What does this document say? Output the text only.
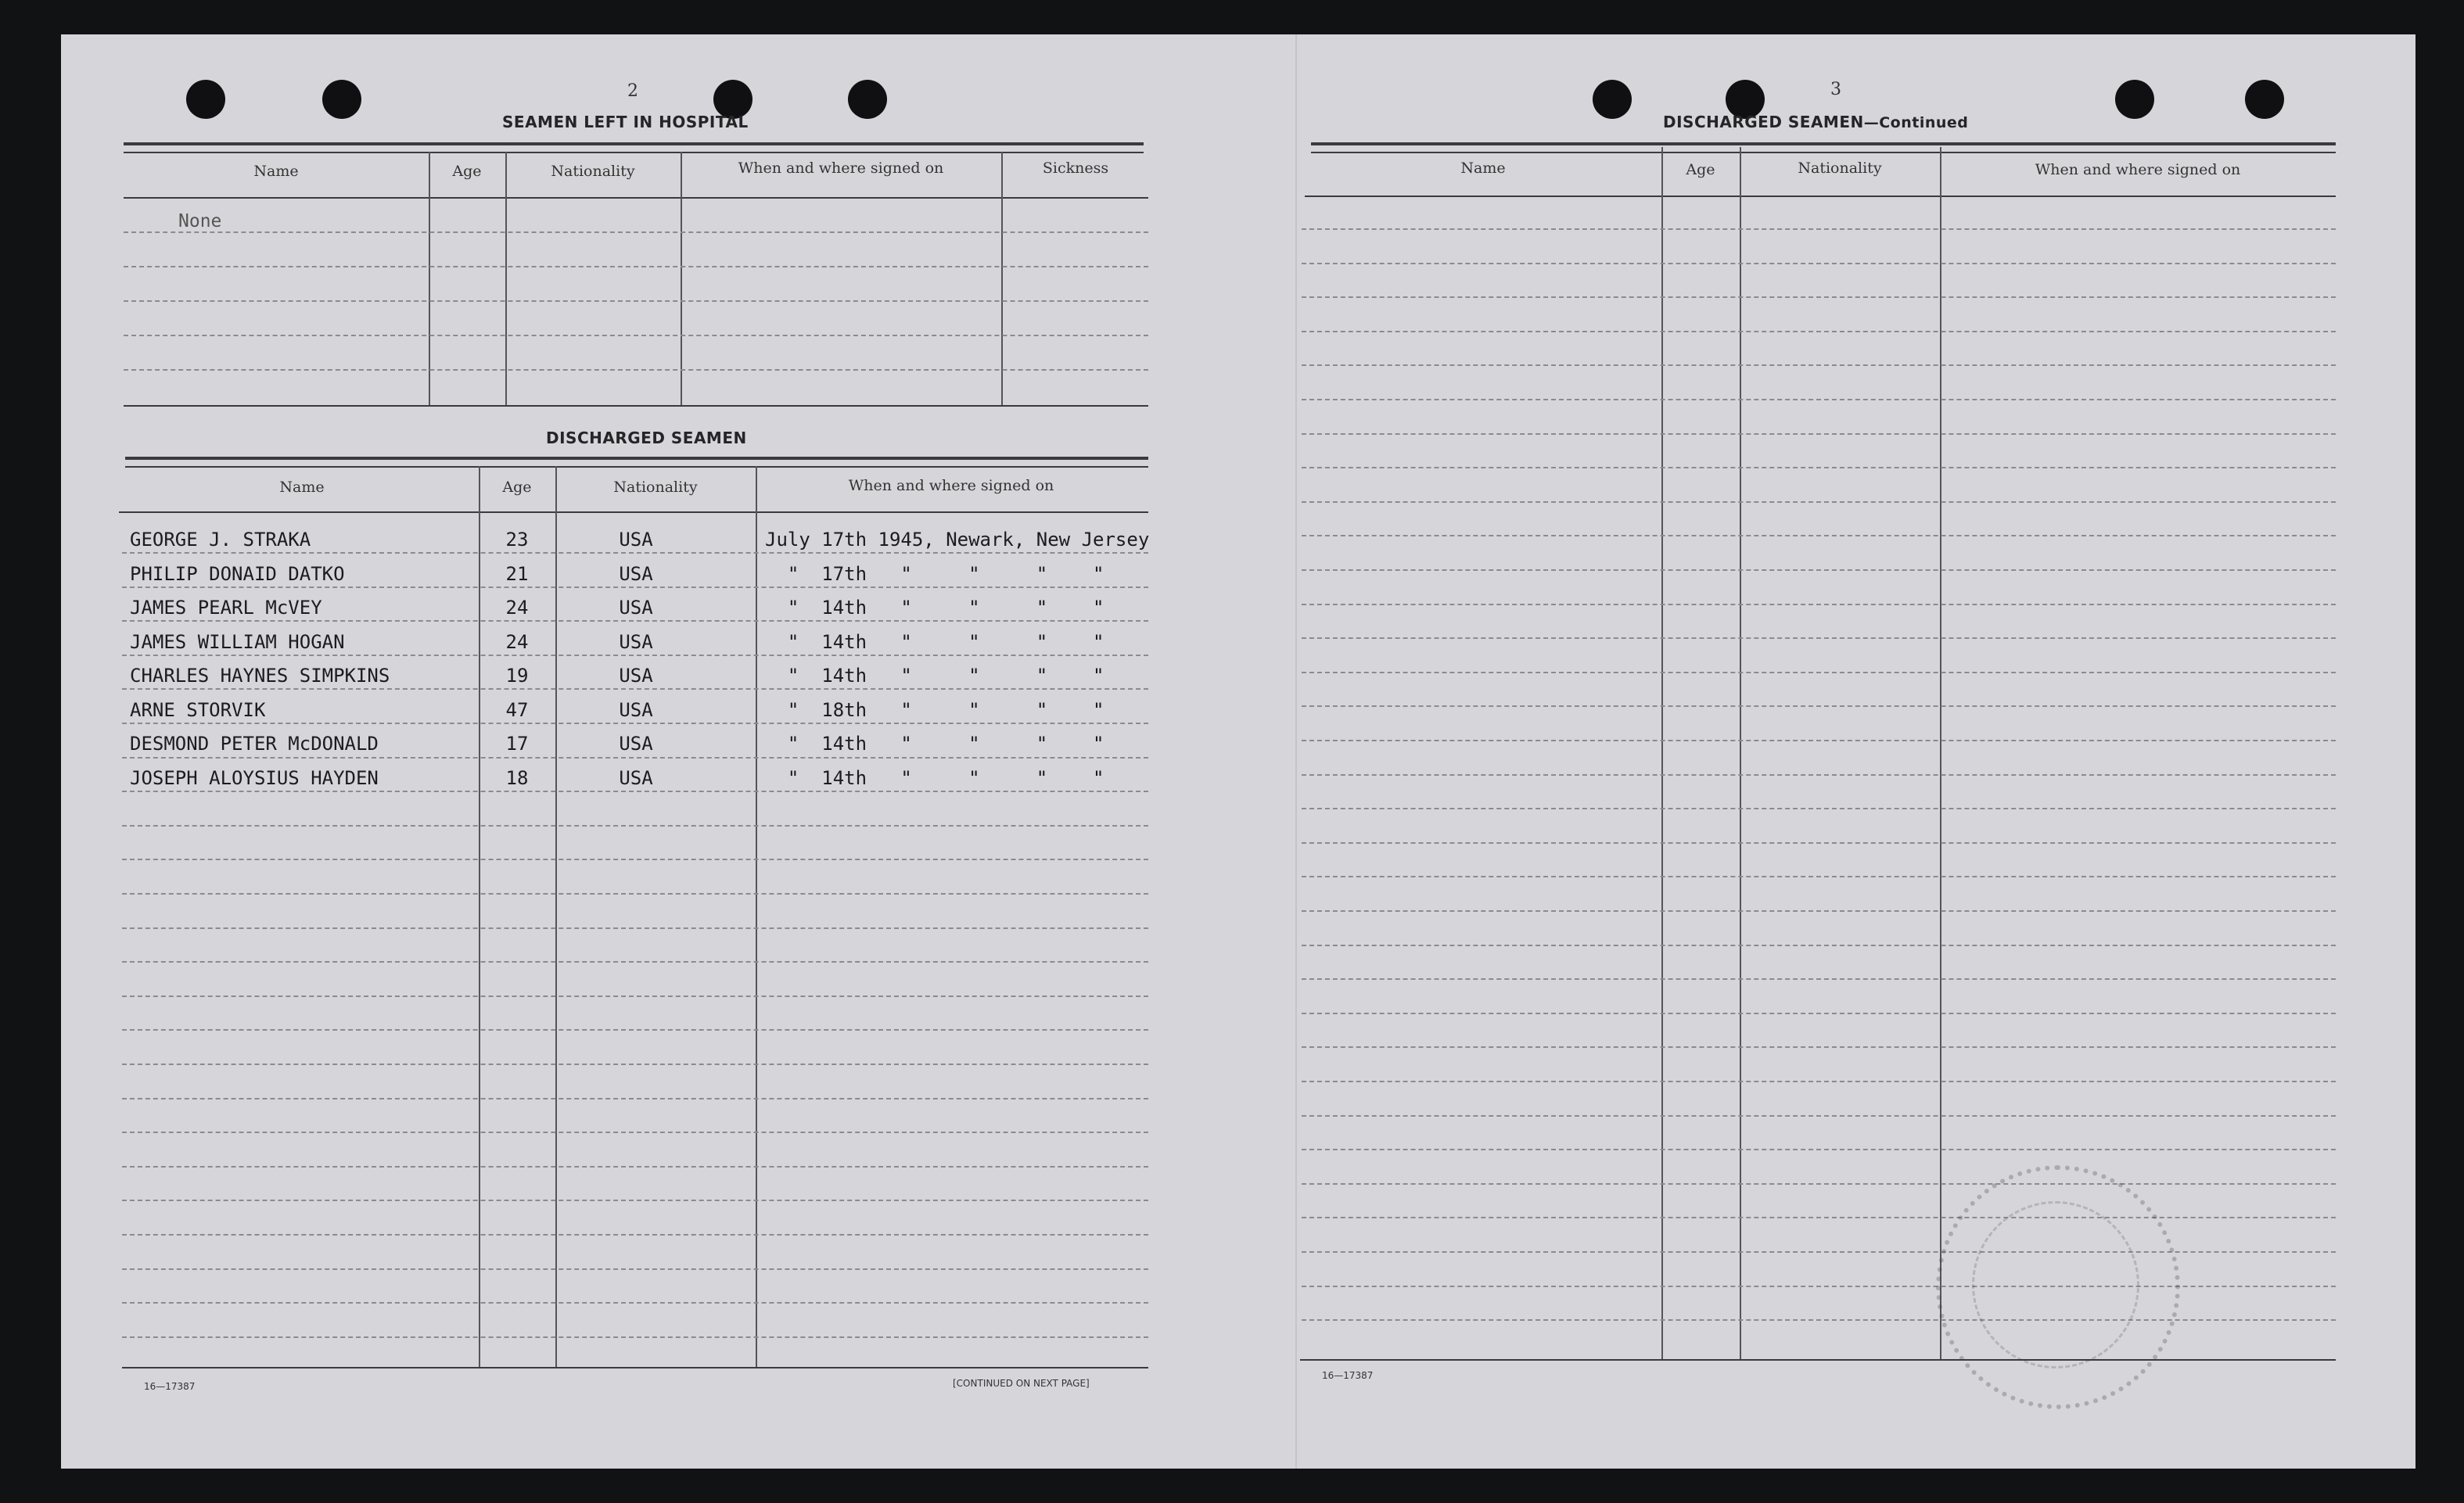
2
SEAMEN LEFT IN HOSPITAL
Name	Age	Nationality	When and where signed on	Sickness
None
DISCHARGED SEAMEN
Name	Age	Nationality	When and where signed on
GEORGE J. STRAKA	23	USA	July 17th 1945, Newark, New Jersey
PHILIP DONAID DATKO	21	USA	"  17th   "     "     "    "
JAMES PEARL McVEY	24	USA	"  14th   "     "     "    "
JAMES WILLIAM HOGAN	24	USA	"  14th   "     "     "    "
CHARLES HAYNES SIMPKINS	19	USA	"  14th   "     "     "    "
ARNE STORVIK	47	USA	"  18th   "     "     "    "
DESMOND PETER McDONALD	17	USA	"  14th   "     "     "    "
JOSEPH ALOYSIUS HAYDEN	18	USA	"  14th   "     "     "    "
16—17387	[CONTINUED ON NEXT PAGE]
3
DISCHARGED SEAMEN—Continued
Name	Age	Nationality	When and where signed on
16—17387
